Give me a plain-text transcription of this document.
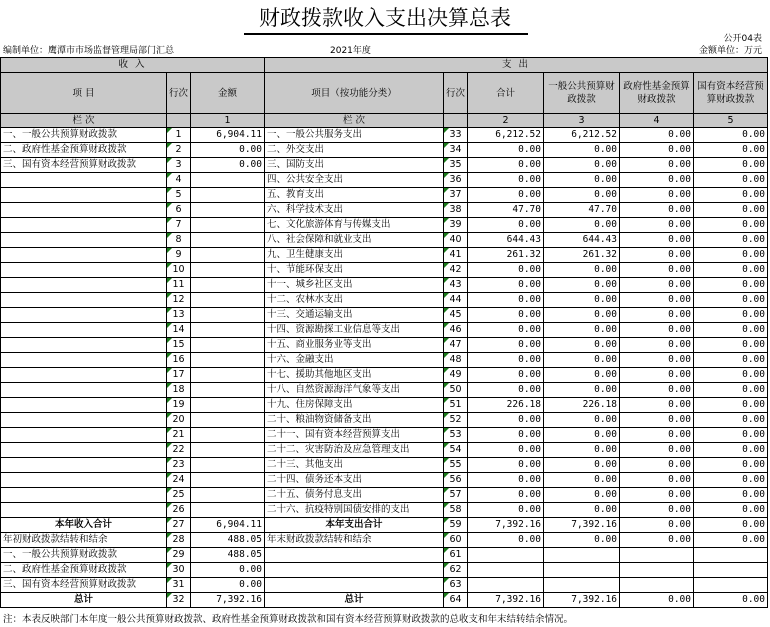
财政拨款收入支出决算总表
公开04表
编制单位：鹰潭市市场监督管理局部门汇总	2021年度	金额单位：万元
收 入			支 出					
项 目	行次	金额	项目（按功能分类）	行次	合计	一般公共预算财政拨款	政府性基金预算财政拨款	国有资本经营预算财政拨款
栏 次		1	栏 次		2	3	4	5
一、一般公共预算财政拨款	1	6,904.11	一、一般公共服务支出	33	6,212.52	6,212.52	0.00	0.00
二、政府性基金预算财政拨款	2	0.00	二、外交支出	34	0.00	0.00	0.00	0.00
三、国有资本经营预算财政拨款	3	0.00	三、国防支出	35	0.00	0.00	0.00	0.00
	4		四、公共安全支出	36	0.00	0.00	0.00	0.00
	5		五、教育支出	37	0.00	0.00	0.00	0.00
	6		六、科学技术支出	38	47.70	47.70	0.00	0.00
	7		七、文化旅游体育与传媒支出	39	0.00	0.00	0.00	0.00
	8		八、社会保障和就业支出	40	644.43	644.43	0.00	0.00
	9		九、卫生健康支出	41	261.32	261.32	0.00	0.00
	10		十、节能环保支出	42	0.00	0.00	0.00	0.00
	11		十一、城乡社区支出	43	0.00	0.00	0.00	0.00
	12		十二、农林水支出	44	0.00	0.00	0.00	0.00
	13		十三、交通运输支出	45	0.00	0.00	0.00	0.00
	14		十四、资源勘探工业信息等支出	46	0.00	0.00	0.00	0.00
	15		十五、商业服务业等支出	47	0.00	0.00	0.00	0.00
	16		十六、金融支出	48	0.00	0.00	0.00	0.00
	17		十七、援助其他地区支出	49	0.00	0.00	0.00	0.00
	18		十八、自然资源海洋气象等支出	50	0.00	0.00	0.00	0.00
	19		十九、住房保障支出	51	226.18	226.18	0.00	0.00
	20		二十、粮油物资储备支出	52	0.00	0.00	0.00	0.00
	21		二十一、国有资本经营预算支出	53	0.00	0.00	0.00	0.00
	22		二十二、灾害防治及应急管理支出	54	0.00	0.00	0.00	0.00
	23		二十三、其他支出	55	0.00	0.00	0.00	0.00
	24		二十四、债务还本支出	56	0.00	0.00	0.00	0.00
	25		二十五、债务付息支出	57	0.00	0.00	0.00	0.00
	26		二十六、抗疫特别国债安排的支出	58	0.00	0.00	0.00	0.00
本年收入合计	27	6,904.11	本年支出合计	59	7,392.16	7,392.16	0.00	0.00
年初财政拨款结转和结余	28	488.05	年末财政拨款结转和结余	60	0.00	0.00	0.00	0.00
一、一般公共预算财政拨款	29	488.05		61				
二、政府性基金预算财政拨款	30	0.00		62				
三、国有资本经营预算财政拨款	31	0.00		63				
总计	32	7,392.16	总计	64	7,392.16	7,392.16	0.00	0.00
注：本表反映部门本年度一般公共预算财政拨款、政府性基金预算财政拨款和国有资本经营预算财政拨款的总收支和年末结转结余情况。
